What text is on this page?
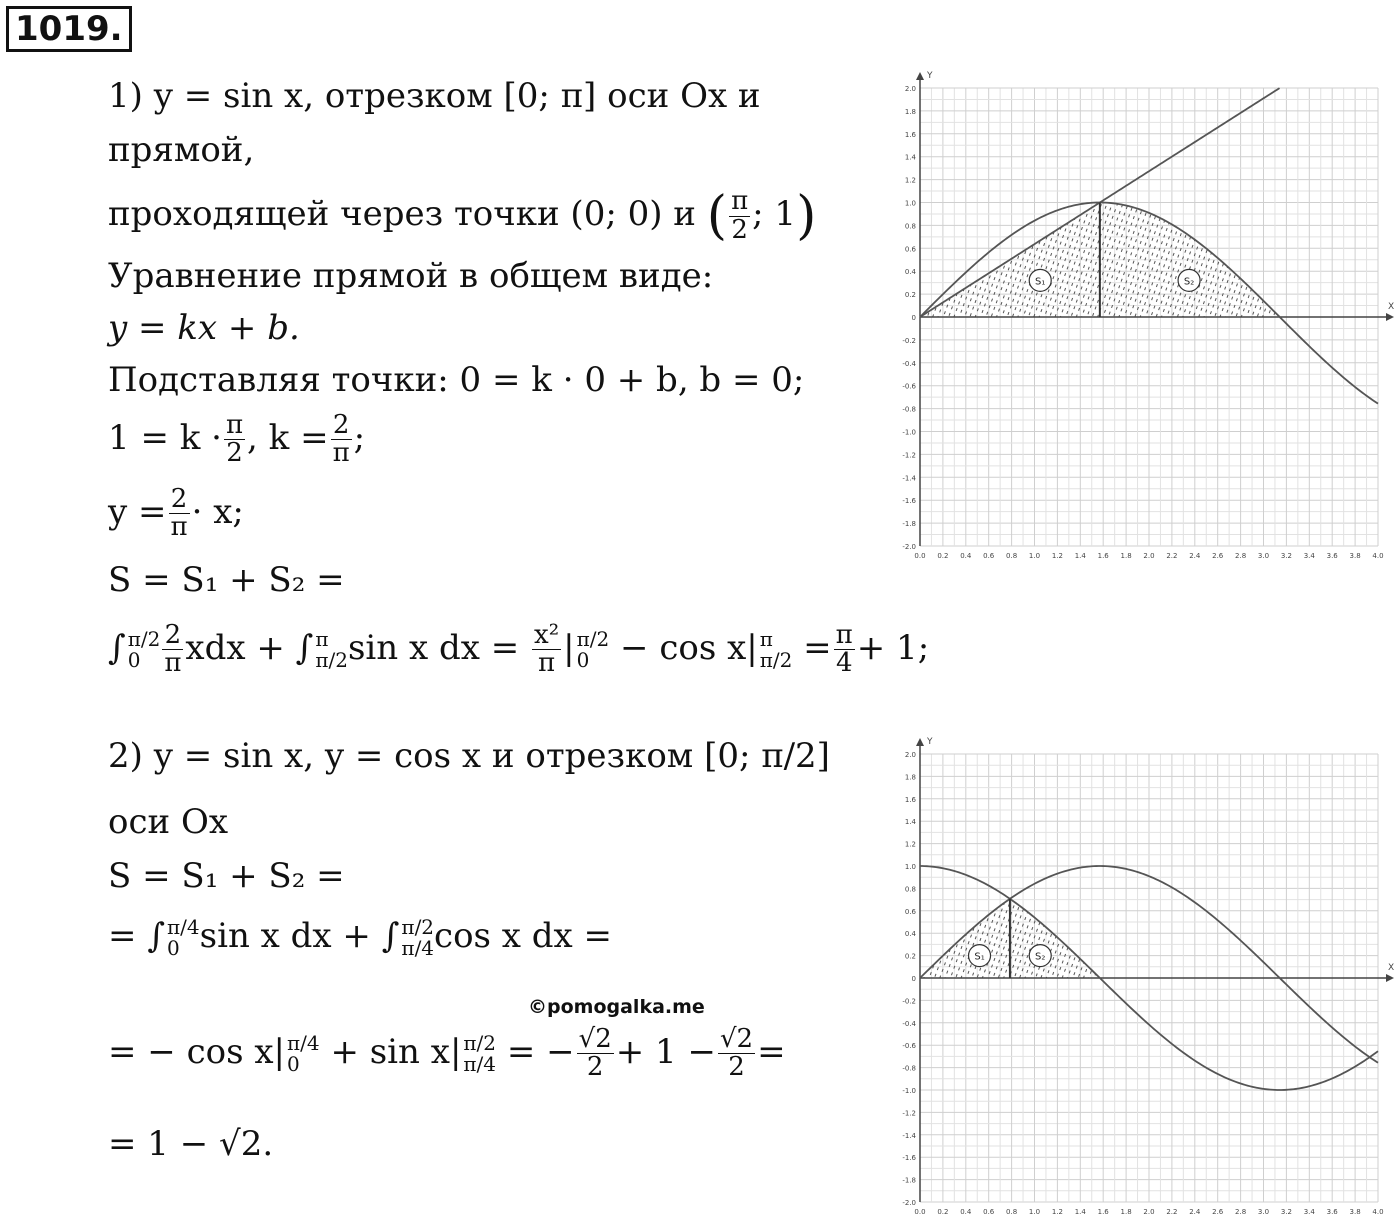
1019.
1) y = sin x, отрезком [0; π] оси Ox и
прямой,
проходящей через точки (0; 0) и ( $\frac{\pi}{2}$ ; 1)
Уравнение прямой в общем виде:
y = kx + b.
Подставляя точки: 0 = k · 0 + b, b = 0;
$1 = k \cdot \frac{\pi}{2}$ , $k = \frac{2}{\pi}$ ;
$y = \frac{2}{\pi} \cdot x$;
S = S₁ + S₂ =
∫ π/2
$0 \frac{2}{\pi}$ xdx + ∫ π
π/2 sin x dx = $\frac{\text{x²}}{\pi}$ | π/2
0 − cos x| π
$\pi/2 = \frac{\pi}{4} + 1$;
2) y = sin x, y = cos x и отрезком [0; π/2]
оси Ox
S = S₁ + S₂ =
= ∫ π/4
0 sin x dx + ∫ π/2
π/4 cos x dx =
= − cos x| π/4
0 + sin x| π/2
π/4 = − $\frac{√2}{2} + 1 - \frac{√2}{2}$ =
= 1 − √2.
©pomogalka.me
X
Y
0.0 0.2 0.4 0.6 0.8 1.0 1.2 1.4 1.6 1.8 2.0 2.2 2.4 2.6 2.8 3.0 3.2 3.4 3.6 3.8 4.0
2.0
1.8
1.6
1.4
1.2
1.0
0.8
0.6
0.4
0.2
0
-0.2
-0.4
-0.6
-0.8
-1.0
-1.2
-1.4
-1.6
-1.8
-2.0
S₁	S₂
X
Y
0.0 0.2 0.4 0.6 0.8 1.0 1.2 1.4 1.6 1.8 2.0 2.2 2.4 2.6 2.8 3.0 3.2 3.4 3.6 3.8 4.0
2.0
1.8
1.6
1.4
1.2
1.0
0.8
0.6
0.4
0.2
0
-0.2
-0.4
-0.6
-0.8
-1.0
-1.2
-1.4
-1.6
-1.8
-2.0
S₁	S₂
